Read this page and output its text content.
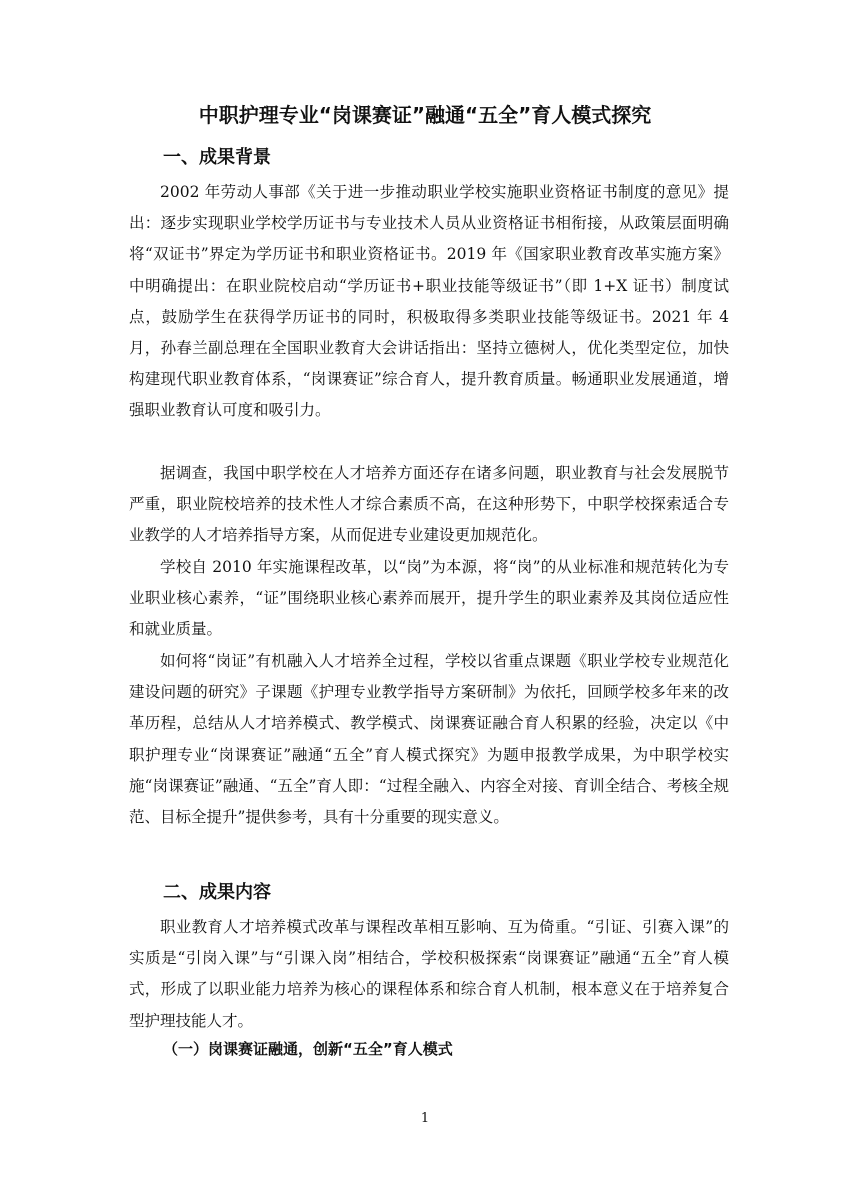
中职护理专业“岗课赛证”融通“五全”育人模式探究
一、成果背景

2002 年劳动人事部《关于进一步推动职业学校实施职业资格证书制度的意见》提出：逐步实现职业学校学历证书与专业技术人员从业资格证书相衔接，从政策层面明确将“双证书”界定为学历证书和职业资格证书。2019 年《国家职业教育改革实施方案》中明确提出：在职业院校启动“学历证书+职业技能等级证书”（即 1+X 证书）制度试点，鼓励学生在获得学历证书的同时，积极取得多类职业技能等级证书。2021 年 4 月，孙春兰副总理在全国职业教育大会讲话指出：坚持立德树人，优化类型定位，加快构建现代职业教育体系，“岗课赛证”综合育人，提升教育质量。畅通职业发展通道，增强职业教育认可度和吸引力。

据调查，我国中职学校在人才培养方面还存在诸多问题，职业教育与社会发展脱节严重，职业院校培养的技术性人才综合素质不高，在这种形势下，中职学校探索适合专业教学的人才培养指导方案，从而促进专业建设更加规范化。

学校自 2010 年实施课程改革，以“岗”为本源，将“岗”的从业标准和规范转化为专业职业核心素养，“证”围绕职业核心素养而展开，提升学生的职业素养及其岗位适应性和就业质量。

如何将“岗证”有机融入人才培养全过程，学校以省重点课题《职业学校专业规范化建设问题的研究》子课题《护理专业教学指导方案研制》为依托，回顾学校多年来的改革历程，总结从人才培养模式、教学模式、岗课赛证融合育人积累的经验，决定以《中职护理专业“岗课赛证”融通“五全”育人模式探究》为题申报教学成果，为中职学校实施“岗课赛证”融通、“五全”育人即：“过程全融入、内容全对接、育训全结合、考核全规范、目标全提升”提供参考，具有十分重要的现实意义。

二、成果内容

职业教育人才培养模式改革与课程改革相互影响、互为倚重。“引证、引赛入课”的实质是“引岗入课”与“引课入岗”相结合，学校积极探索“岗课赛证”融通“五全”育人模式，形成了以职业能力培养为核心的课程体系和综合育人机制，根本意义在于培养复合型护理技能人才。

（一）岗课赛证融通，创新“五全”育人模式
1
